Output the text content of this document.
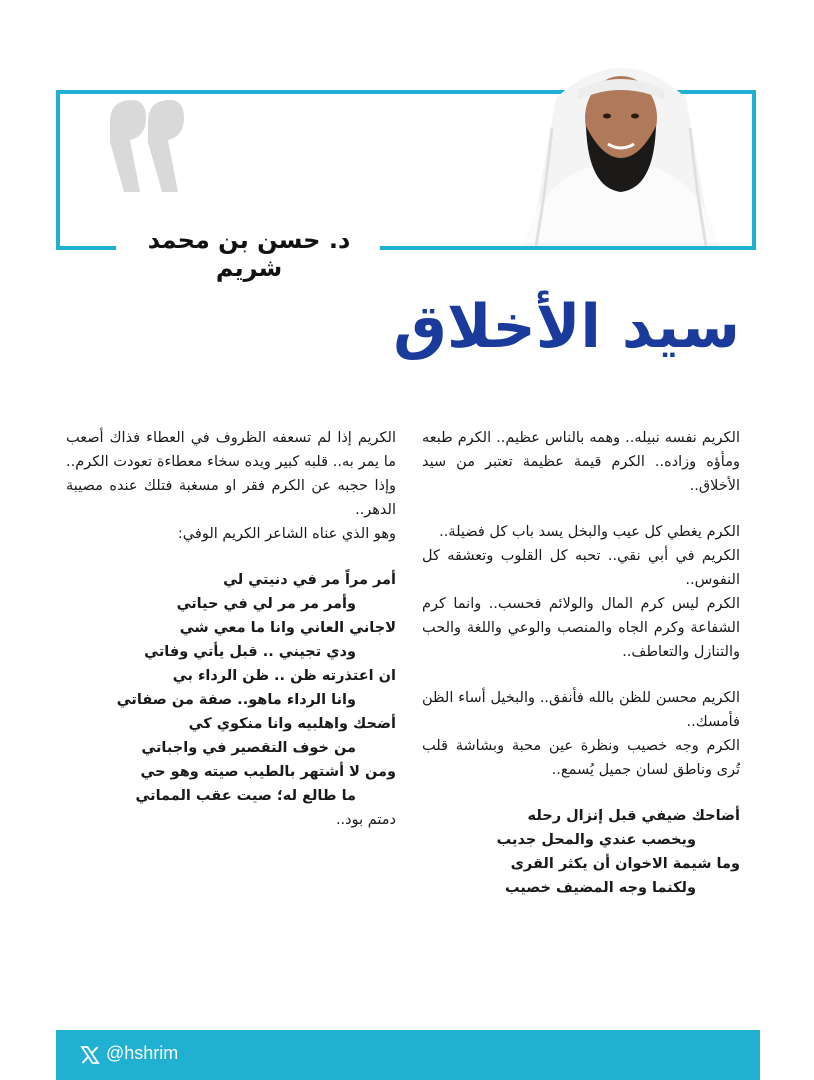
د. حسن بن محمد شريم
سيد الأخلاق

الكريم نفسه نبيله.. وهمه بالناس عظيم.. الكرم طبعه ومأؤه وزاده.. الكرم قيمة عظيمة تعتبر من سيد الأخلاق..

الكرم يغطي كل عيب والبخل يسد باب كل فضيلة..

الكريم في أبي نقي.. تحبه كل القلوب وتعشقه كل النفوس..

الكرم ليس كرم المال والولائم فحسب.. وانما كرم الشفاعة وكرم الجاه والمنصب والوعي واللغة والحب والتنازل والتعاطف..

الكريم محسن للظن بالله فأنفق.. والبخيل أساء الظن فأمسك..

الكرم وجه خصيب ونظرة عين محبة وبشاشة قلب تُرى وناطق لسان جميل يُسمع..

أضاحك ضيفي قبل إنزال رحله
ويخصب عندي والمحل جديب
وما شيمة الاخوان أن يكثر القرى
ولكنما وجه المضيف خصيب

الكريم إذا لم تسعفه الظروف في العطاء فذاك أصعب ما يمر به.. قلبه كبير ويده سخاء معطاءة تعودت الكرم.. وإذا حجبه عن الكرم فقر او مسغبة فتلك عنده مصيبة الدهر..

وهو الذي عناه الشاعر الكريم الوفي:

أمر مراً مر في دنيتي لي
وأمر مر مر لي في حياتي
لاجاني العاني وانا ما معي شي
ودي تجيني .. قبل يأتي وفاتي
ان اعتذرته ظن .. ظن الرداء بي
وانا الرداء ماهو.. صفة من صفاتي
أضحك واهلبيه وانا منكوي كي
من خوف التقصير في واجباتي
ومن لا أشتهر بالطيب صيته وهو حي
ما طالع له؛ صيت عقب المماتي

دمتم بود..

@hshrim
